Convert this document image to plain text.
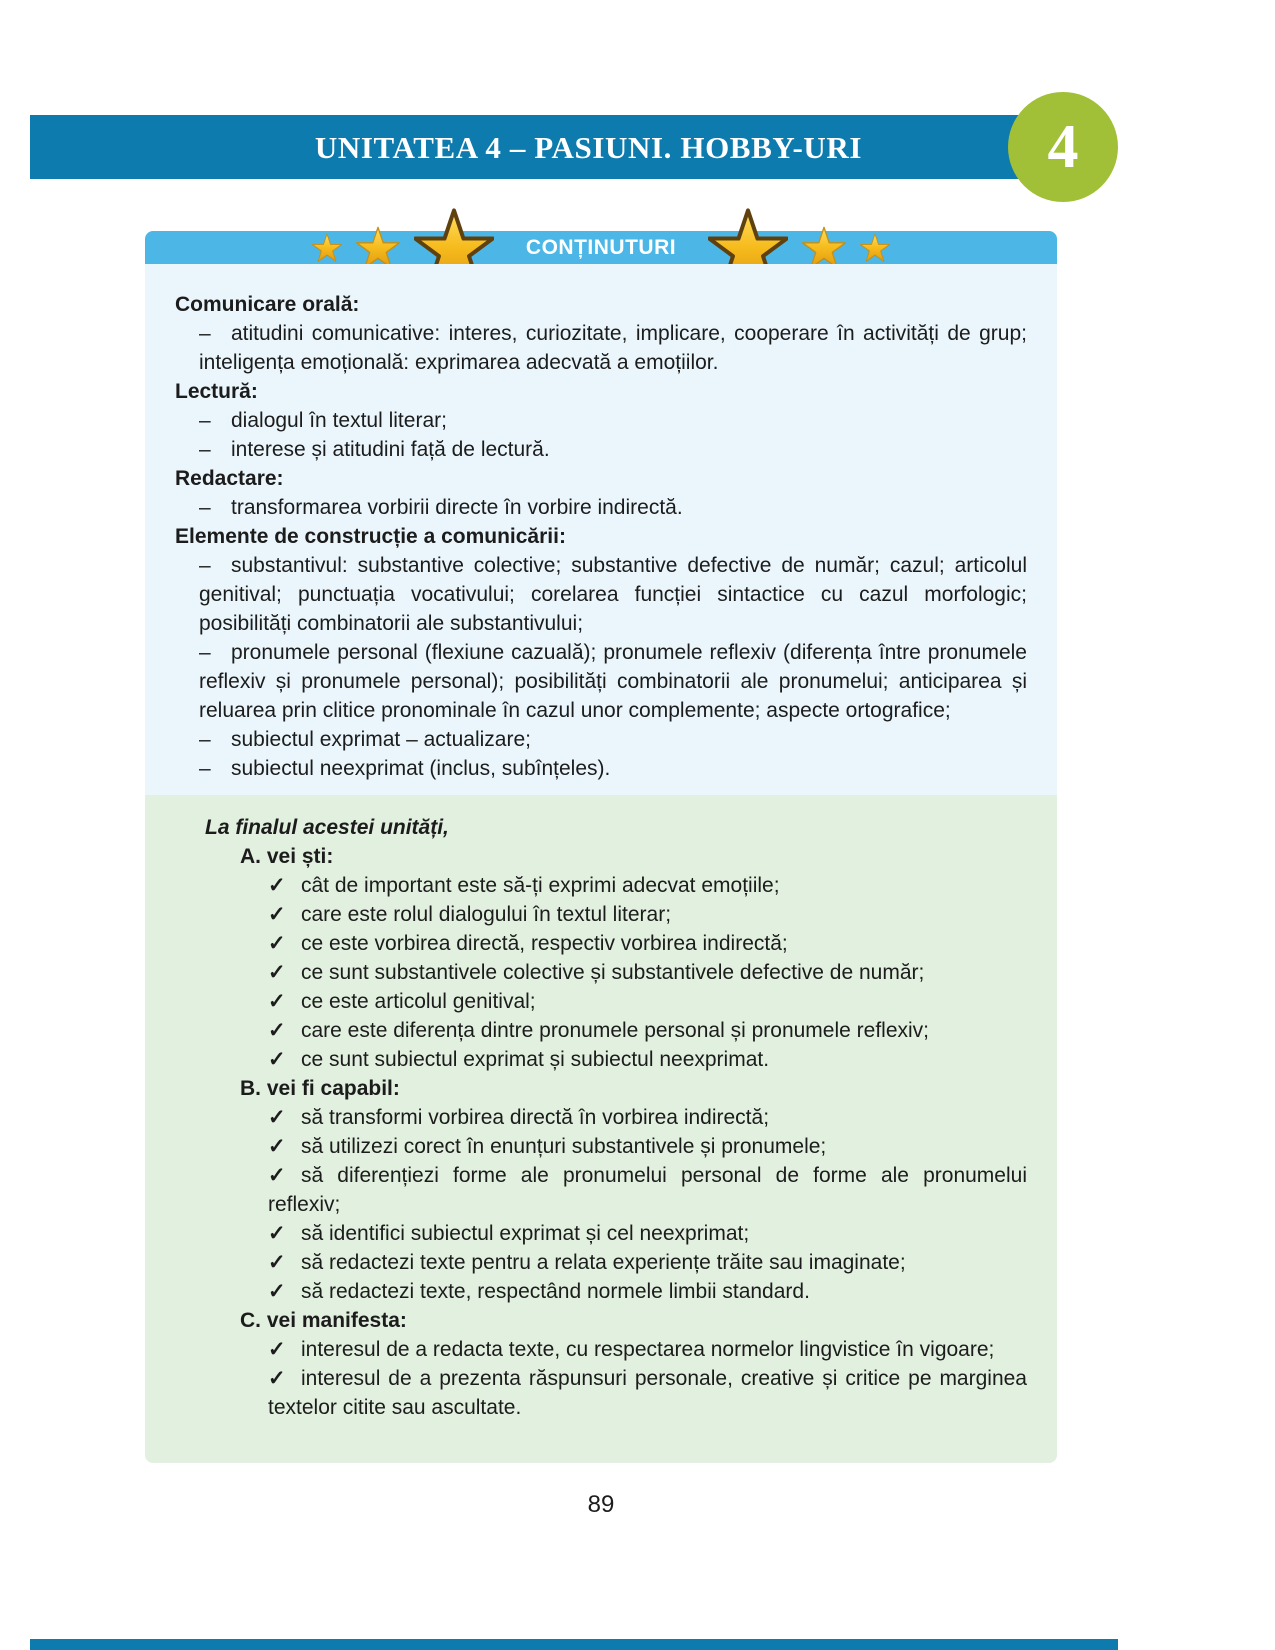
UNITATEA 4 – PASIUNI. HOBBY-URI	4
CONȚINUTURI
Comunicare orală:

– atitudini comunicative: interes, curiozitate, implicare, cooperare în activități de grup; inteligența emoțională: exprimarea adecvată a emoțiilor.

Lectură:

– dialogul în textul literar;

– interese și atitudini față de lectură.

Redactare:

– transformarea vorbirii directe în vorbire indirectă.

Elemente de construcție a comunicării:

– substantivul: substantive colective; substantive defective de număr; cazul; articolul genitival; punctuația vocativului; corelarea funcției sintactice cu cazul morfologic; posibilități combinatorii ale substantivului;

– pronumele personal (flexiune cazuală); pronumele reflexiv (diferența între pronumele reflexiv și pronumele personal); posibilități combinatorii ale pronumelui; anticiparea și reluarea prin clitice pronominale în cazul unor complemente; aspecte ortografice;

– subiectul exprimat – actualizare;

– subiectul neexprimat (inclus, subînțeles).

La finalul acestei unități,

A. vei ști:

✓ cât de important este să-ți exprimi adecvat emoțiile;

✓ care este rolul dialogului în textul literar;

✓ ce este vorbirea directă, respectiv vorbirea indirectă;

✓ ce sunt substantivele colective și substantivele defective de număr;

✓ ce este articolul genitival;

✓ care este diferența dintre pronumele personal și pronumele reflexiv;

✓ ce sunt subiectul exprimat și subiectul neexprimat.

B. vei fi capabil:

✓ să transformi vorbirea directă în vorbirea indirectă;

✓ să utilizezi corect în enunțuri substantivele și pronumele;

✓ să diferențiezi forme ale pronumelui personal de forme ale pronumelui reflexiv;

✓ să identifici subiectul exprimat și cel neexprimat;

✓ să redactezi texte pentru a relata experiențe trăite sau imaginate;

✓ să redactezi texte, respectând normele limbii standard.

C. vei manifesta:

✓ interesul de a redacta texte, cu respectarea normelor lingvistice în vigoare;

✓ interesul de a prezenta răspunsuri personale, creative și critice pe marginea textelor citite sau ascultate.

89
